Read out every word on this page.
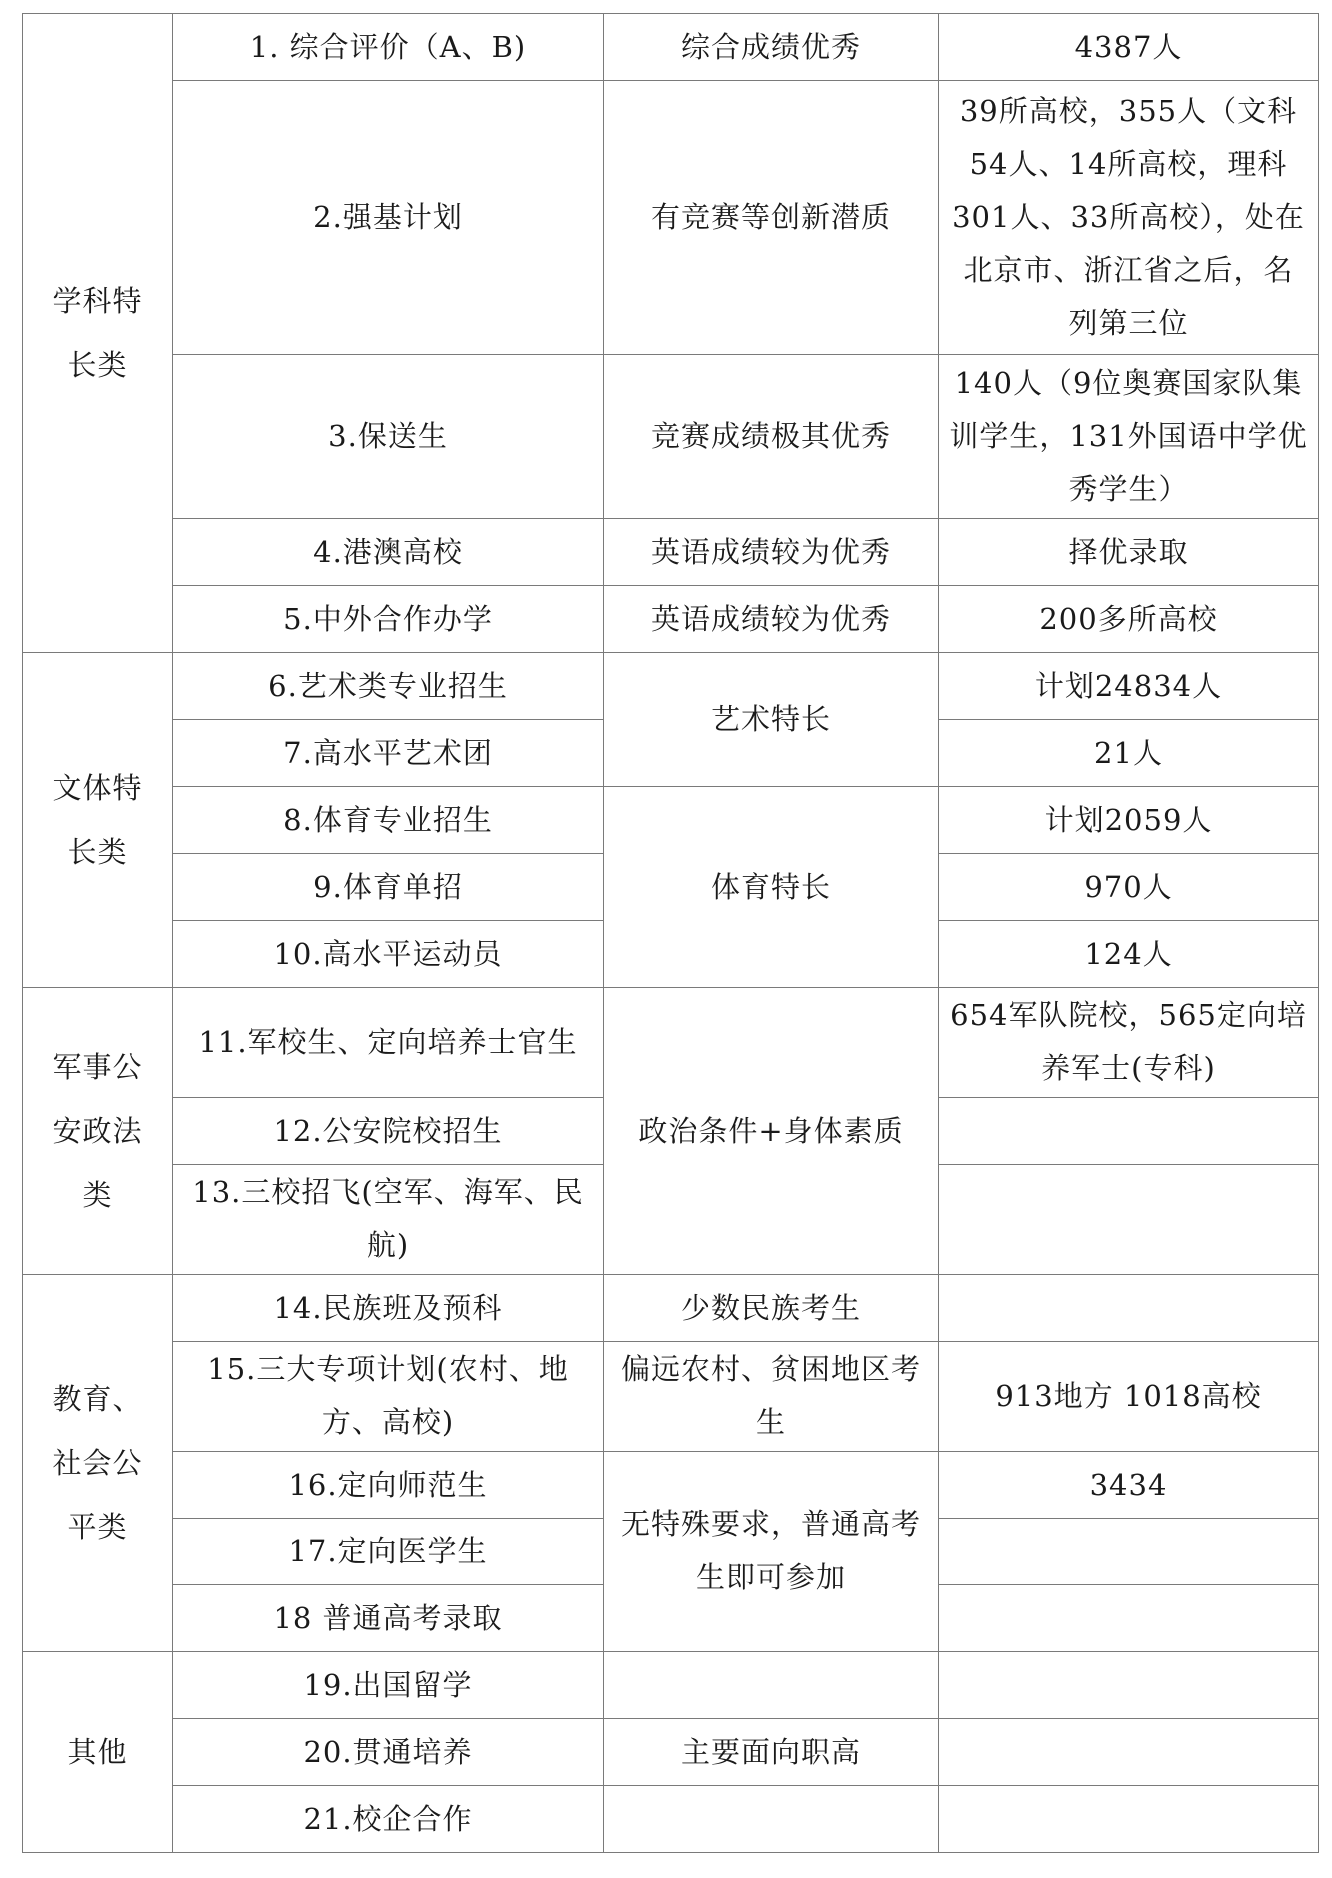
学科特长类	1. 综合评价（A、B)	综合成绩优秀	4387人
	2.强基计划	有竞赛等创新潜质	39所高校，355人（文科54人、14所高校，理科301人、33所高校），处在北京市、浙江省之后，名列第三位
	3.保送生	竞赛成绩极其优秀	140人（9位奥赛国家队集训学生，131外国语中学优秀学生）
	4.港澳高校	英语成绩较为优秀	择优录取
	5.中外合作办学	英语成绩较为优秀	200多所高校

文体特长类	6.艺术类专业招生	艺术特长	计划24834人
	7.高水平艺术团		21人
	8.体育专业招生	体育特长	计划2059人
	9.体育单招		970人
	10.高水平运动员		124人

军事公安政法类	11.军校生、定向培养士官生	政治条件+身体素质	654军队院校，565定向培养军士(专科)
	12.公安院校招生		
	13.三校招飞(空军、海军、民航)		

教育、社会公平类	14.民族班及预科	少数民族考生	
	15.三大专项计划(农村、地方、高校)	偏远农村、贫困地区考生	913地方 1018高校
	16.定向师范生	无特殊要求，普通高考生即可参加	3434
	17.定向医学生		
	18 普通高考录取		

其他	19.出国留学		
	20.贯通培养	主要面向职高	
	21.校企合作		
